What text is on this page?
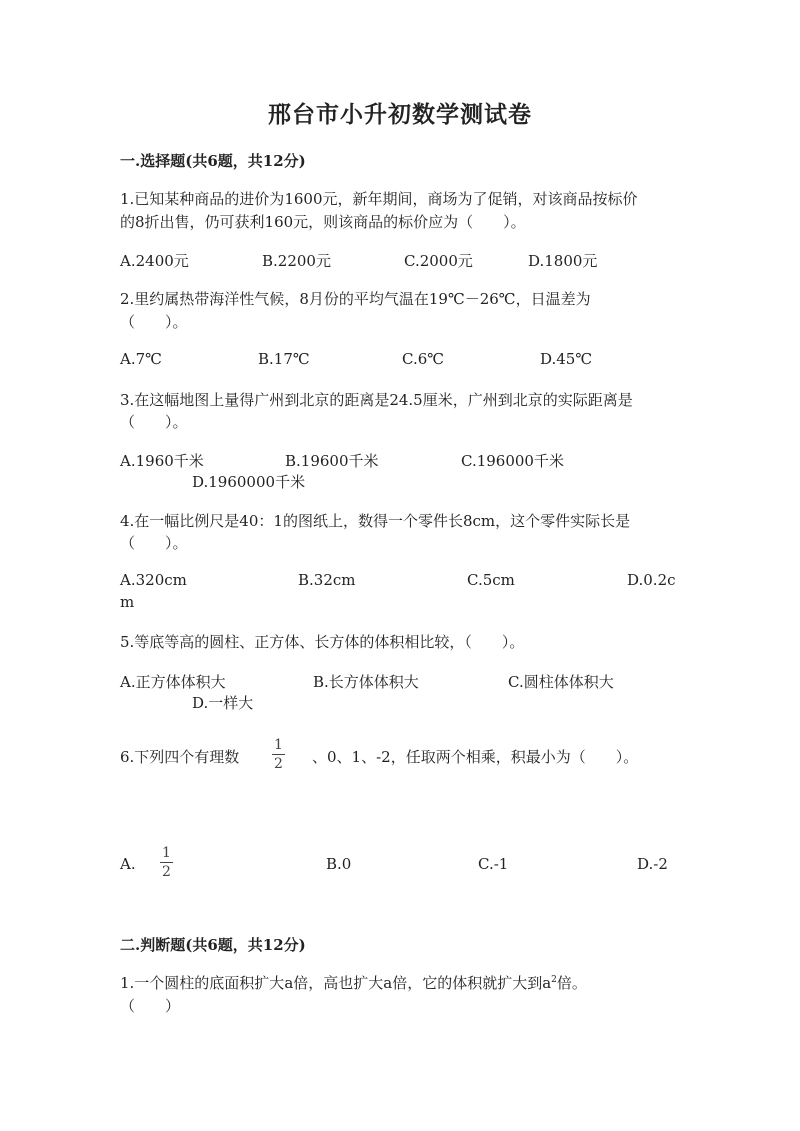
邢台市小升初数学测试卷
一.选择题(共6题，共12分)
1.已知某种商品的进价为1600元，新年期间，商场为了促销，对该商品按标价
的8折出售，仍可获利160元，则该商品的标价应为（　　）。
A.2400元	B.2200元	C.2000元	D.1800元
2.里约属热带海洋性气候，8月份的平均气温在19℃－26℃，日温差为
（　　）。
A.7℃	B.17℃	C.6℃	D.45℃
3.在这幅地图上量得广州到北京的距离是24.5厘米，广州到北京的实际距离是
（　　）。
A.1960千米	B.19600千米	C.196000千米
D.1960000千米
4.在一幅比例尺是40：1的图纸上，数得一个零件长8cm，这个零件实际长是
（　　）。
A.320cm	B.32cm	C.5cm	D.0.2c
m
5.等底等高的圆柱、正方体、长方体的体积相比较，（　　）。
A.正方体体积大	B.长方体体积大	C.圆柱体体积大
D.一样大
6.下列四个有理数 $\frac{1}{2}$ 、0、1、-2，任取两个相乘，积最小为（　　）。
A. $\frac{1}{2}$	B.0	C.-1	D.-2
二.判断题(共6题，共12分)
1.一个圆柱的底面积扩大a倍，高也扩大a倍，它的体积就扩大到$a^2$倍。
（　　）
